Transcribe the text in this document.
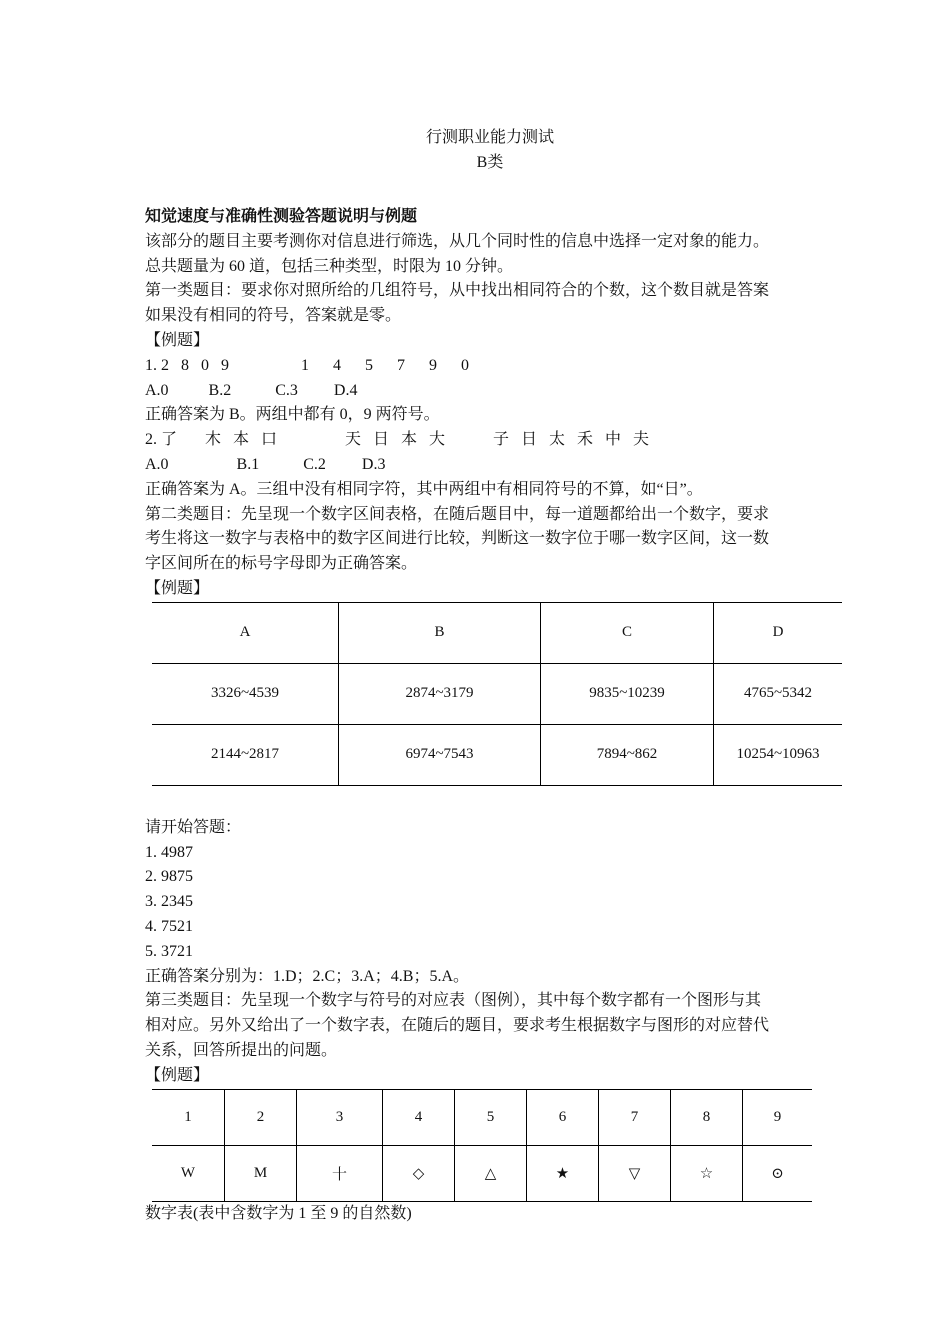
行测职业能力测试
B类
知觉速度与准确性测验答题说明与例题
该部分的题目主要考测你对信息进行筛选，从几个同时性的信息中选择一定对象的能力。
总共题量为 60 道，包括三种类型，时限为 10 分钟。
第一类题目：要求你对照所给的几组符号，从中找出相同符合的个数，这个数目就是答案
如果没有相同的符号，答案就是零。
【例题】
1. 2   8   0   9                  1      4      5      7      9      0
A.0          B.2           C.3         D.4
正确答案为 B。两组中都有 0，9 两符号。
2. 了       木   本   口                 天   日   本   大            子   日   太   禾   中   夫
A.0                 B.1           C.2         D.3
正确答案为 A。三组中没有相同字符，其中两组中有相同符号的不算，如“日”。
第二类题目：先呈现一个数字区间表格，在随后题目中，每一道题都给出一个数字，要求
考生将这一数字与表格中的数字区间进行比较，判断这一数字位于哪一数字区间，这一数
字区间所在的标号字母即为正确答案。
【例题】
A	B	C	D
3326~4539	2874~3179	9835~10239	4765~5342
2144~2817	6974~7543	7894~862	10254~10963
请开始答题：
1. 4987
2. 9875
3. 2345
4. 7521
5. 3721
正确答案分别为：1.D；2.C；3.A；4.B；5.A。
第三类题目：先呈现一个数字与符号的对应表（图例），其中每个数字都有一个图形与其
相对应。另外又给出了一个数字表，在随后的题目，要求考生根据数字与图形的对应替代
关系，回答所提出的问题。
【例题】
1	2	3	4	5	6	7	8	9
W	M	十	◇	△	★	▽	☆	⊙
数字表(表中含数字为 1 至 9 的自然数)
